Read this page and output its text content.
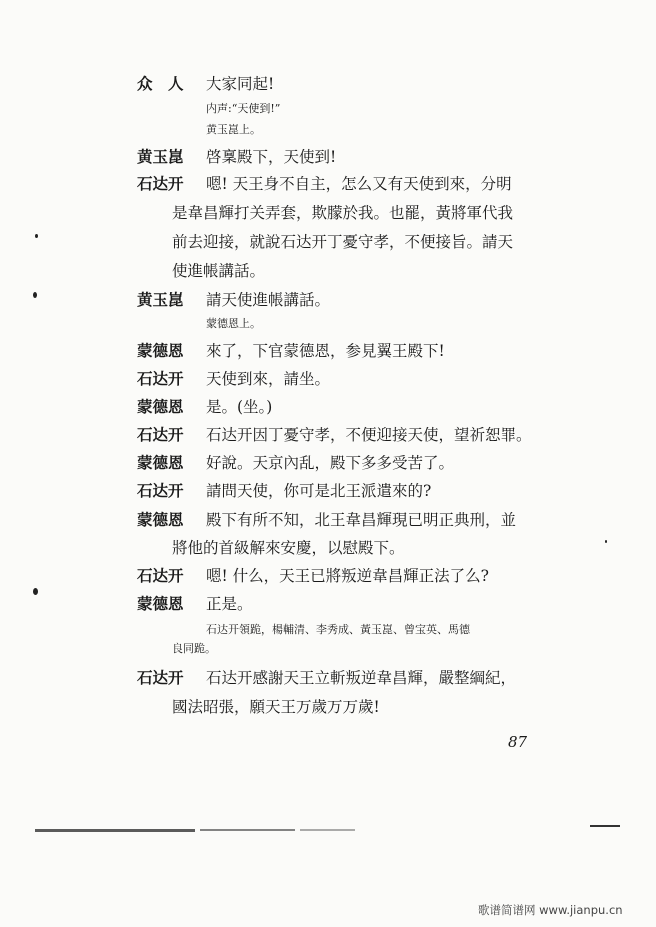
众　人 大家同起!
内声:“天使到!”
黄玉崑上。
黄玉崑 啓稟殿下，天使到!
石达开 嗯! 天王身不自主，怎么又有天使到來，分明
是韋昌輝打关弄套，欺朦於我。也罷，黃將軍代我
前去迎接，就說石达开丁憂守孝，不便接旨。請天
使進帳講話。
黄玉崑 請天使進帳講話。
蒙德恩上。
蒙德恩 來了，下官蒙德恩，参見翼王殿下!
石达开 天使到來，請坐。
蒙德恩 是。(坐。)
石达开 石达开因丁憂守孝，不便迎接天使，望祈恕罪。
蒙德恩 好說。天京內乱，殿下多多受苦了。
石达开 請問天使，你可是北王派遣來的?
蒙德恩 殿下有所不知，北王韋昌輝現已明正典刑，並
將他的首級解來安慶，以慰殿下。
石达开 嗯! 什么，天王已將叛逆韋昌輝正法了么?
蒙德恩 正是。
石达开領跪，楊輔清、李秀成、黃玉崑、曾宝英、馬德
良同跪。
石达开 石达开感謝天王立斬叛逆韋昌輝，嚴整綱紀，
國法昭張，願天王万歲万万歲!
87
歌谱简谱网 www.jianpu.cn
